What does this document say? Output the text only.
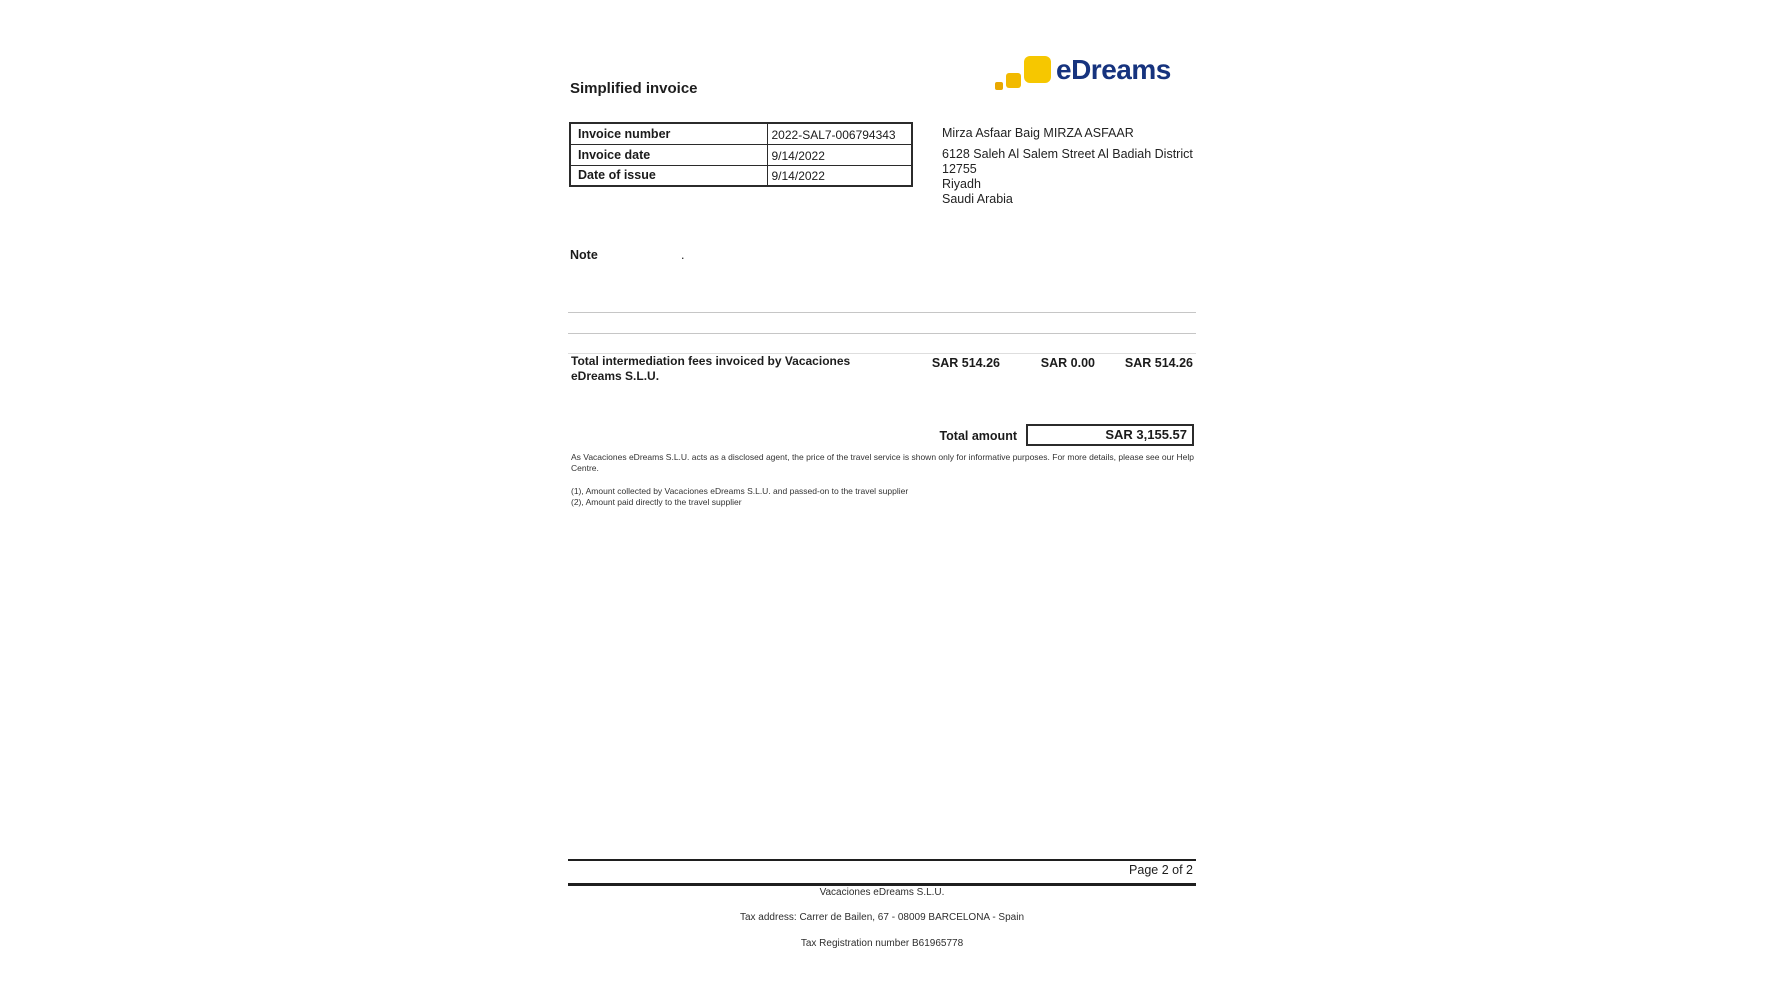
Simplified invoice
eDreams
Invoice number	2022-SAL7-006794343
Invoice date	9/14/2022
Date of issue	9/14/2022
Mirza Asfaar Baig MIRZA ASFAAR
6128 Saleh Al Salem Street Al Badiah District
12755
Riyadh
Saudi Arabia
Note	.
Total intermediation fees invoiced by Vacaciones eDreams S.L.U.
SAR 514.26	SAR 0.00 SAR 514.26
Total amount	SAR 3,155.57
As Vacaciones eDreams S.L.U. acts as a disclosed agent, the price of the travel service is shown only for informative purposes. For more details, please see our Help
Centre.
(1), Amount collected by Vacaciones eDreams S.L.U. and passed-on to the travel supplier
(2), Amount paid directly to the travel supplier
Page 2 of 2
Vacaciones eDreams S.L.U.
Tax address: Carrer de Bailen, 67 - 08009 BARCELONA - Spain
Tax Registration number B61965778
